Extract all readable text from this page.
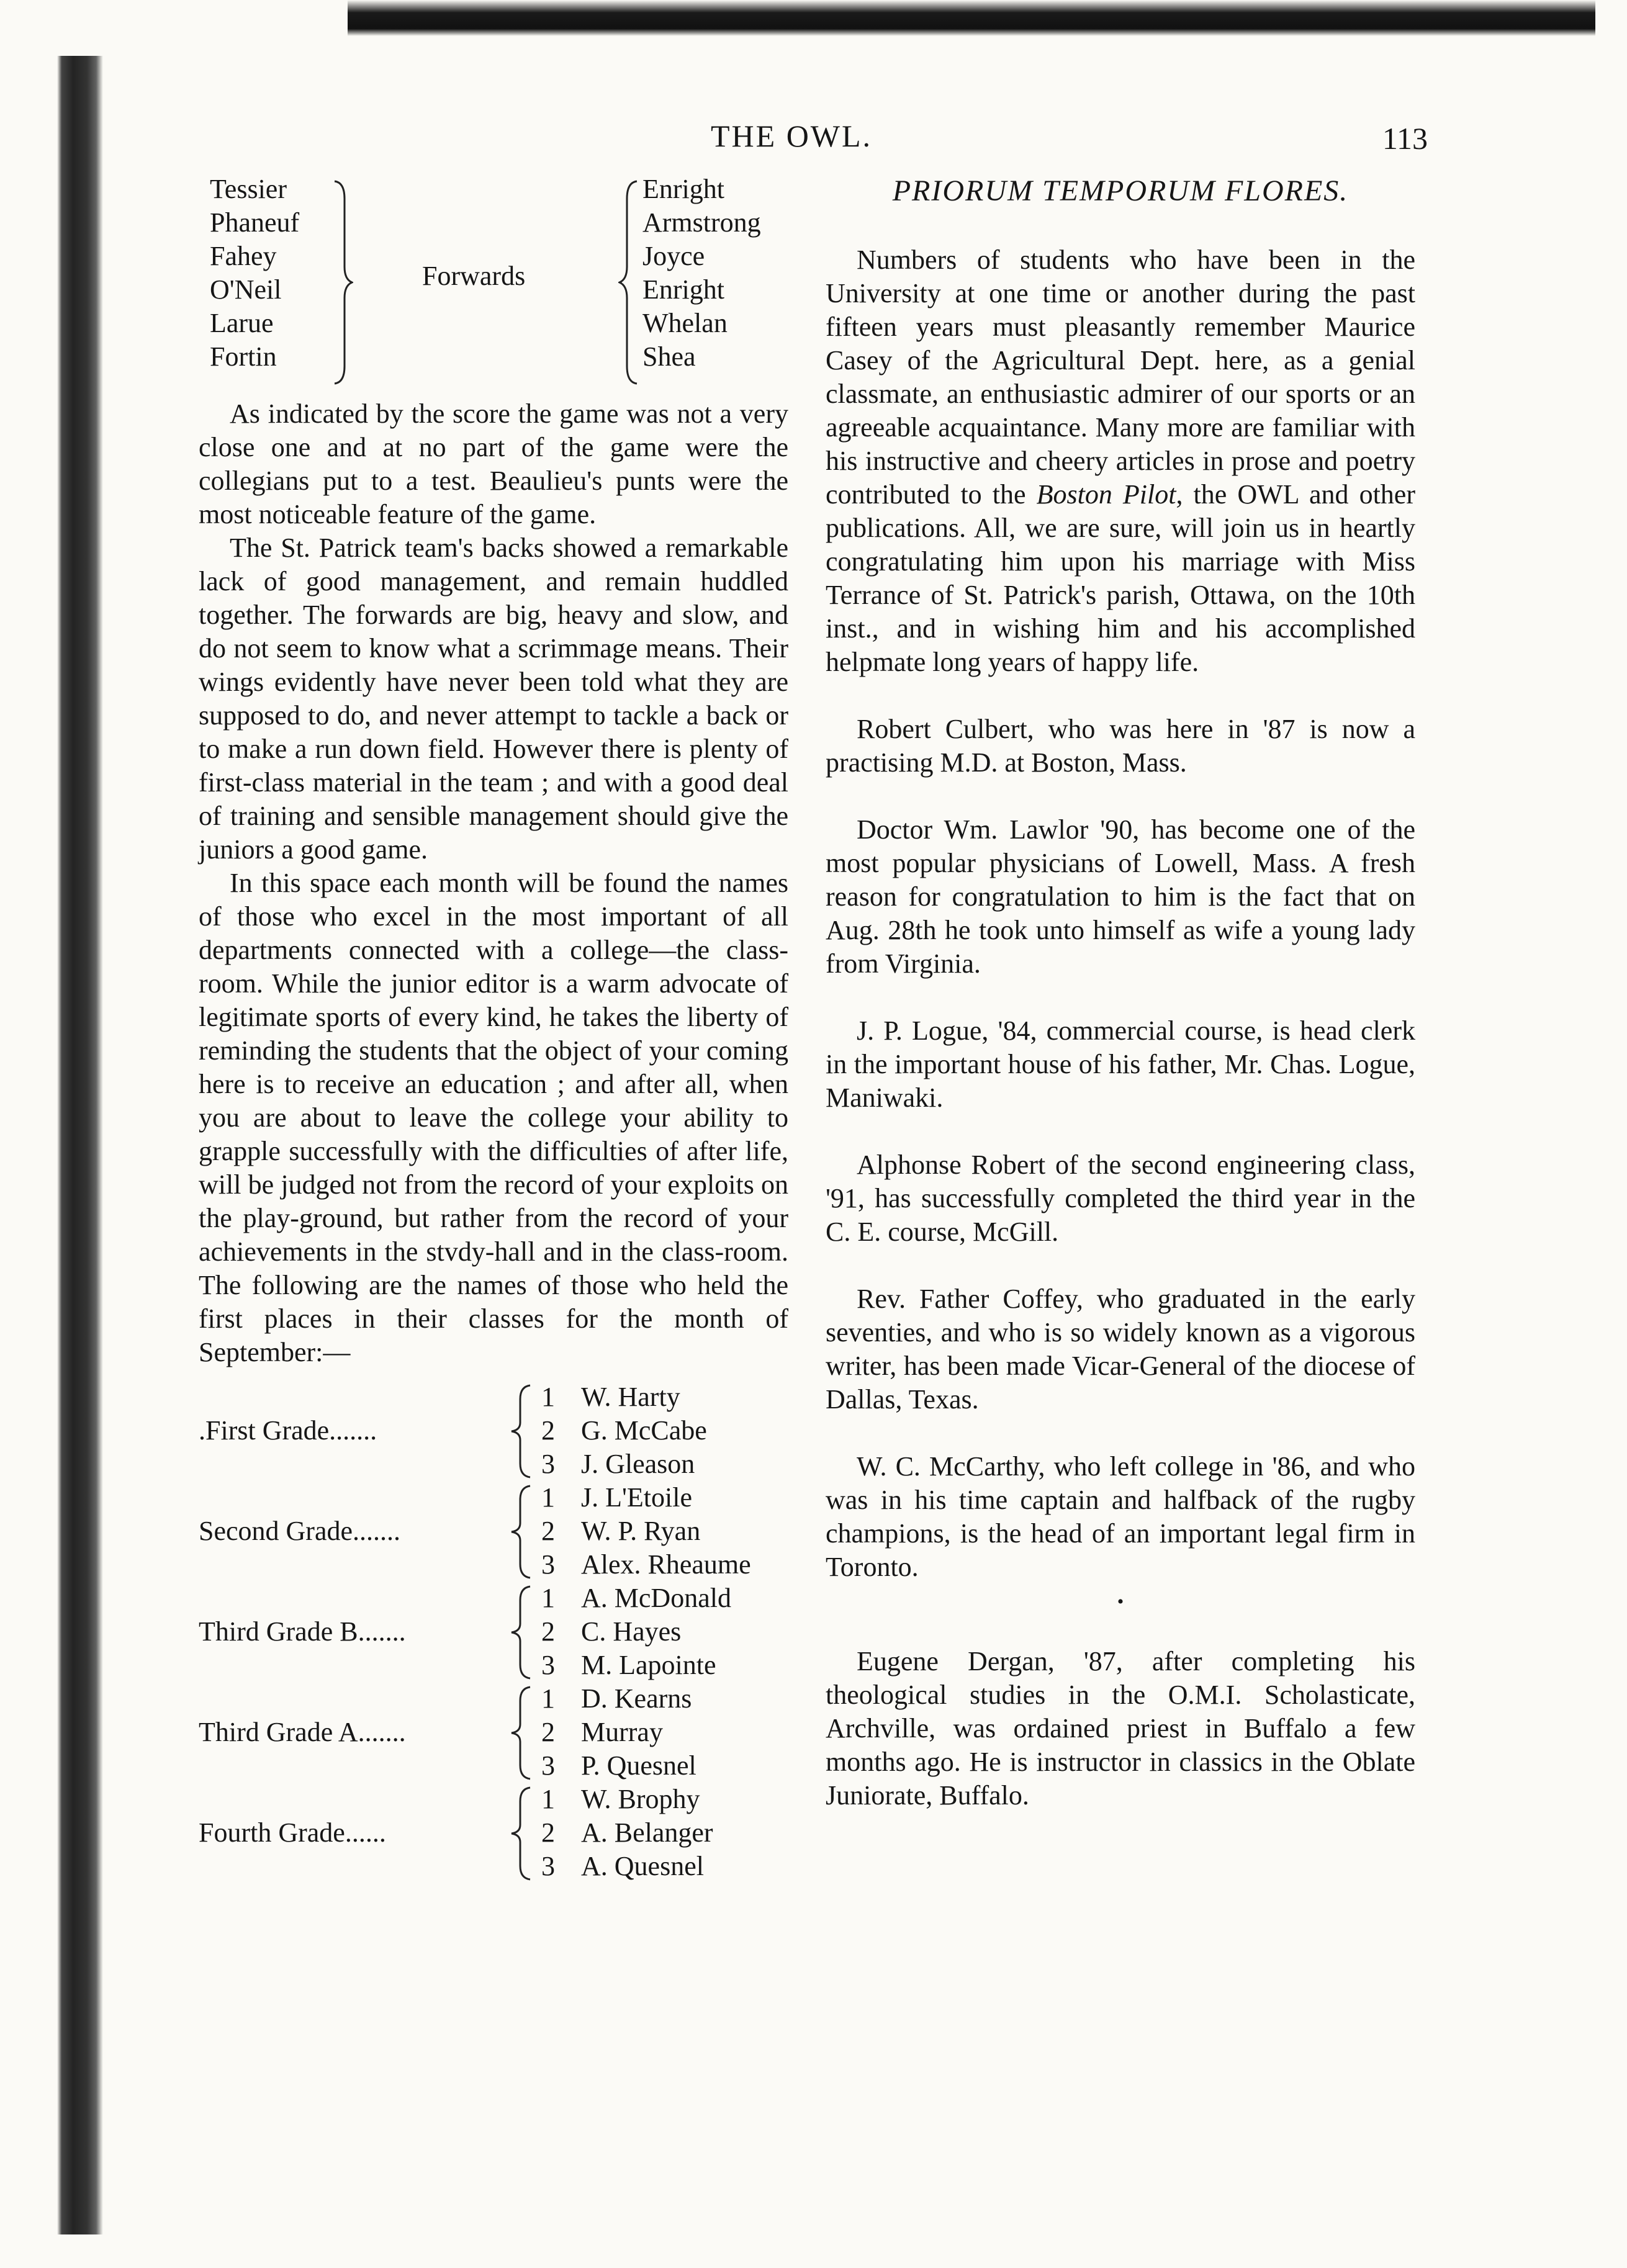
THE OWL.	113
Tessier
Phaneuf
Fahey
O'Neil
Larue
Fortin
Forwards
Enright
Armstrong
Joyce
Enright
Whelan
Shea

As indicated by the score the game was not a very close one and at no part of the game were the collegians put to a test. Beaulieu's punts were the most noticeable feature of the game.

The St. Patrick team's backs showed a remarkable lack of good management, and remain huddled together. The forwards are big, heavy and slow, and do not seem to know what a scrimmage means. Their wings evidently have never been told what they are supposed to do, and never attempt to tackle a back or to make a run down field. However there is plenty of first-class material in the team ; and with a good deal of training and sensible management should give the juniors a good game.

In this space each month will be found the names of those who excel in the most important of all departments connected with a college—the class-room. While the junior editor is a warm advocate of legitimate sports of every kind, he takes the liberty of reminding the students that the object of your coming here is to receive an education ; and after all, when you are about to leave the college your ability to grapple successfully with the difficulties of after life, will be judged not from the record of your exploits on the play-ground, but rather from the record of your achievements in the stvdy-hall and in the class-room. The following are the names of those who held the first places in their classes for the month of September:—

.First Grade.......
1 W. Harty
2 G. McCabe
3 J. Gleason
Second Grade.......
1 J. L'Etoile
2 W. P. Ryan
3 Alex. Rheaume
Third Grade B.......
1 A. McDonald
2 C. Hayes
3 M. Lapointe
Third Grade A.......
1 D. Kearns
2 Murray
3 P. Quesnel
Fourth Grade......
1 W. Brophy
2 A. Belanger
3 A. Quesnel
PRIORUM TEMPORUM FLORES.

Numbers of students who have been in the University at one time or another during the past fifteen years must pleasantly remember Maurice Casey of the Agricultural Dept. here, as a genial classmate, an enthusiastic admirer of our sports or an agreeable acquaintance. Many more are familiar with his instructive and cheery articles in prose and poetry contributed to the Boston Pilot, the OWL and other publications. All, we are sure, will join us in heartly congratulating him upon his marriage with Miss Terrance of St. Patrick's parish, Ottawa, on the 10th inst., and in wishing him and his accomplished helpmate long years of happy life.

Robert Culbert, who was here in '87 is now a practising M.D. at Boston, Mass.

Doctor Wm. Lawlor '90, has become one of the most popular physicians of Lowell, Mass. A fresh reason for congratulation to him is the fact that on Aug. 28th he took unto himself as wife a young lady from Virginia.

J. P. Logue, '84, commercial course, is head clerk in the important house of his father, Mr. Chas. Logue, Maniwaki.

Alphonse Robert of the second engineering class, '91, has successfully completed the third year in the C. E. course, McGill.

Rev. Father Coffey, who graduated in the early seventies, and who is so widely known as a vigorous writer, has been made Vicar-General of the diocese of Dallas, Texas.

W. C. McCarthy, who left college in '86, and who was in his time captain and halfback of the rugby champions, is the head of an important legal firm in Toronto.

•

Eugene Dergan, '87, after completing his theological studies in the O.M.I. Scholasticate, Archville, was ordained priest in Buffalo a few months ago. He is instructor in classics in the Oblate Juniorate, Buffalo.
